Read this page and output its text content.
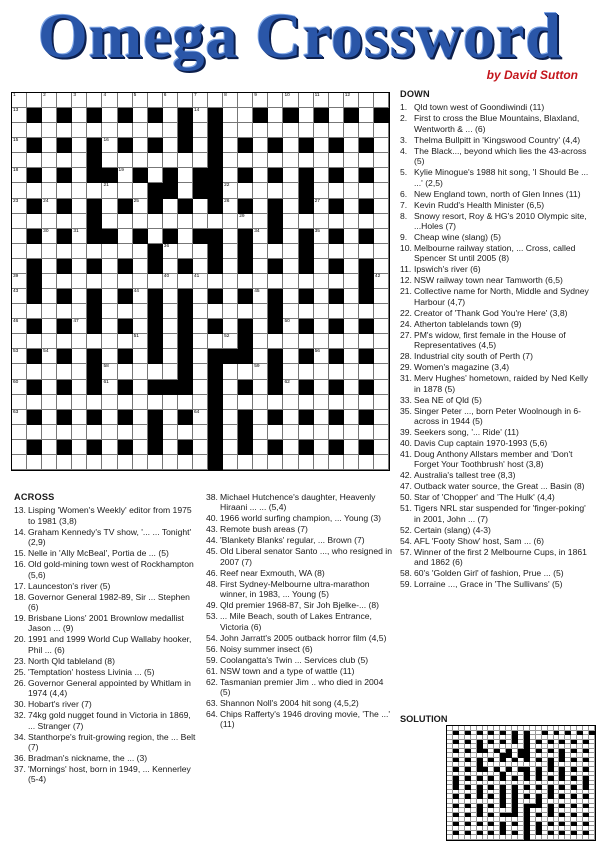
Omega Crossword
by David Sutton
1	2	3	4	5	6	7	8	9	10	11	12
13	14
15	16	17
18	19	20
21	22
23	24	25	26	27
29
30	31	32	33	34	35
36
37	38
39	40	41	42
43	44	45
46	47	48	49	50
51	52
53	54	55	56
58	59
60	61	62
63	64
ACROSS
13. Lisping 'Women's Weekly' editor from 1975 to 1981 (3,8)
14. Graham Kennedy's TV show, '... ... Tonight' (2,9)
15. Nelle in 'Ally McBeal', Portia de ... (5)
16. Old gold-mining town west of Rockhampton (5,6)
17. Launceston's river (5)
18. Governor General 1982-89, Sir ... Stephen (6)
19. Brisbane Lions' 2001 Brownlow medallist Jason ... (9)
20. 1991 and 1999 World Cup Wallaby hooker, Phil ... (6)
23. North Qld tableland (8)
25. 'Temptation' hostess Livinia ... (5)
26. Governor General appointed by Whitlam in 1974 (4,4)
30. Hobart's river (7)
32. 74kg gold nugget found in Victoria in 1869, ... Stranger (7)
34. Stanthorpe's fruit-growing region, the ... Belt (7)
36. Bradman's nickname, the ... (3)
37. 'Mornings' host, born in 1949, ... Kennerley (5-4)
38. Michael Hutchence's daughter, Heavenly Hiraani ... ... (5,4)
40. 1966 world surfing champion, ... Young (3)
43. Remote bush areas (7)
44. 'Blankety Blanks' regular, ... Brown (7)
45. Old Liberal senator Santo ..., who resigned in 2007 (7)
46. Reef near Exmouth, WA (8)
48. First Sydney-Melbourne ultra-marathon winner, in 1983, ... Young (5)
49. Qld premier 1968-87, Sir Joh Bjelke-... (8)
53. ... Mile Beach, south of Lakes Entrance, Victoria (6)
54. John Jarratt's 2005 outback horror film (4,5)
56. Noisy summer insect (6)
59. Coolangatta's Twin ... Services club (5)
61. NSW town and a type of wattle (11)
62. Tasmanian premier Jim .. who died in 2004 (5)
63. Shannon Noll's 2004 hit song (4,5,2)
64. Chips Rafferty's 1946 droving movie, 'The ...' (11)
DOWN
1. Qld town west of Goondiwindi (11)
2. First to cross the Blue Mountains, Blaxland, Wentworth & ... (6)
3. Thelma Bullpitt in 'Kingswood Country' (4,4)
4. The Black..., beyond which lies the 43-across (5)
5. Kylie Minogue's 1988 hit song, 'I Should Be ... ...' (2,5)
6. New England town, north of Glen Innes (11)
7. Kevin Rudd's Health Minister (6,5)
8. Snowy resort, Roy & HG's 2010 Olympic site, ...Holes (7)
9. Cheap wine (slang) (5)
10. Melbourne railway station, ... Cross, called Spencer St until 2005 (8)
11. Ipswich's river (6)
12. NSW railway town near Tamworth (6,5)
21. Collective name for North, Middle and Sydney Harbour (4,7)
22. Creator of 'Thank God You're Here' (3,8)
24. Atherton tablelands town (9)
27. PM's widow, first female in the House of Representatives (4,5)
28. Industrial city south of Perth (7)
29. Women's magazine (3,4)
31. Merv Hughes' hometown, raided by Ned Kelly in 1878 (5)
33. Sea NE of Qld (5)
35. Singer Peter ..., born Peter Woolnough in 6-across in 1944 (5)
39. Seekers song, '... Ride' (11)
40. Davis Cup captain 1970-1993 (5,6)
41. Doug Anthony Allstars member and 'Don't Forget Your Toothbrush' host (3,8)
42. Australia's tallest tree (8,3)
47. Outback water source, the Great ... Basin (8)
50. Star of 'Chopper' and 'The Hulk' (4,4)
51. Tigers NRL star suspended for 'finger-poking' in 2001, John ... (7)
52. Certain (slang) (4-3)
54. AFL 'Footy Show' host, Sam ... (6)
57. Winner of the first 2 Melbourne Cups, in 1861 and 1862 (6)
58. 60's 'Golden Girl' of fashion, Prue ... (5)
59. Lorraine ..., Grace in 'The Sullivans' (5)
SOLUTION
